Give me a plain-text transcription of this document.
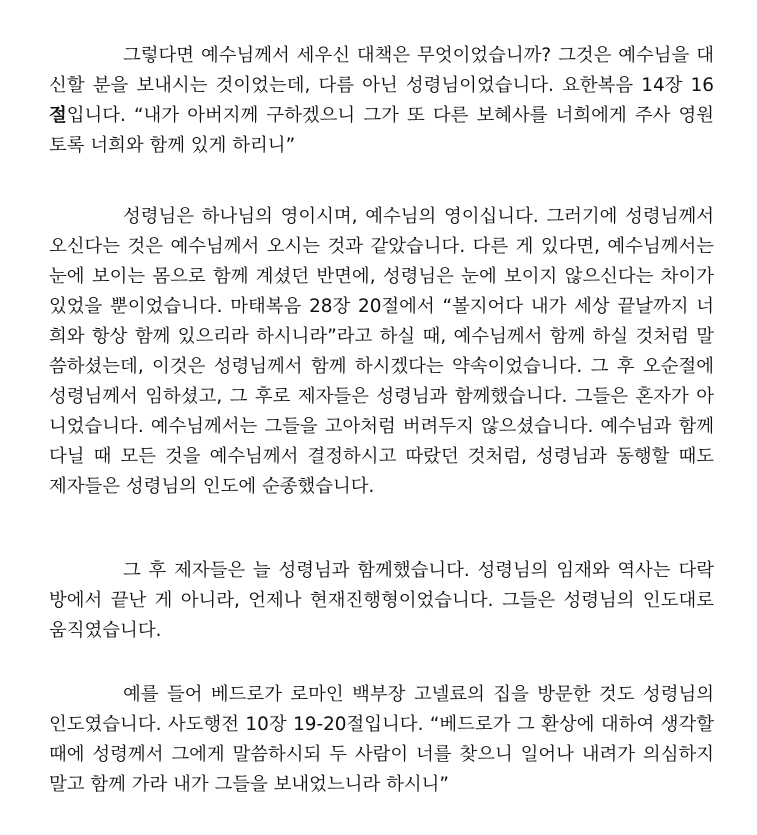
그렇다면 예수님께서 세우신 대책은 무엇이었습니까? 그것은 예수님을 대
신할 분을 보내시는 것이었는데, 다름 아닌 성령님이었습니다. 요한복음 14장 16
절입니다. “내가 아버지께 구하겠으니 그가 또 다른 보혜사를 너희에게 주사 영원
토록 너희와 함께 있게 하리니”
성령님은 하나님의 영이시며, 예수님의 영이십니다. 그러기에 성령님께서
오신다는 것은 예수님께서 오시는 것과 같았습니다. 다른 게 있다면, 예수님께서는
눈에 보이는 몸으로 함께 계셨던 반면에, 성령님은 눈에 보이지 않으신다는 차이가
있었을 뿐이었습니다. 마태복음 28장 20절에서 “볼지어다 내가 세상 끝날까지 너
희와 항상 함께 있으리라 하시니라”라고 하실 때, 예수님께서 함께 하실 것처럼 말
씀하셨는데, 이것은 성령님께서 함께 하시겠다는 약속이었습니다. 그 후 오순절에
성령님께서 임하셨고, 그 후로 제자들은 성령님과 함께했습니다. 그들은 혼자가 아
니었습니다. 예수님께서는 그들을 고아처럼 버려두지 않으셨습니다. 예수님과 함께
다닐 때 모든 것을 예수님께서 결정하시고 따랐던 것처럼, 성령님과 동행할 때도
제자들은 성령님의 인도에 순종했습니다.
그 후 제자들은 늘 성령님과 함께했습니다. 성령님의 임재와 역사는 다락
방에서 끝난 게 아니라, 언제나 현재진행형이었습니다. 그들은 성령님의 인도대로
움직였습니다.
예를 들어 베드로가 로마인 백부장 고넬료의 집을 방문한 것도 성령님의
인도였습니다. 사도행전 10장 19-20절입니다. “베드로가 그 환상에 대하여 생각할
때에 성령께서 그에게 말씀하시되 두 사람이 너를 찾으니 일어나 내려가 의심하지
말고 함께 가라 내가 그들을 보내었느니라 하시니”
